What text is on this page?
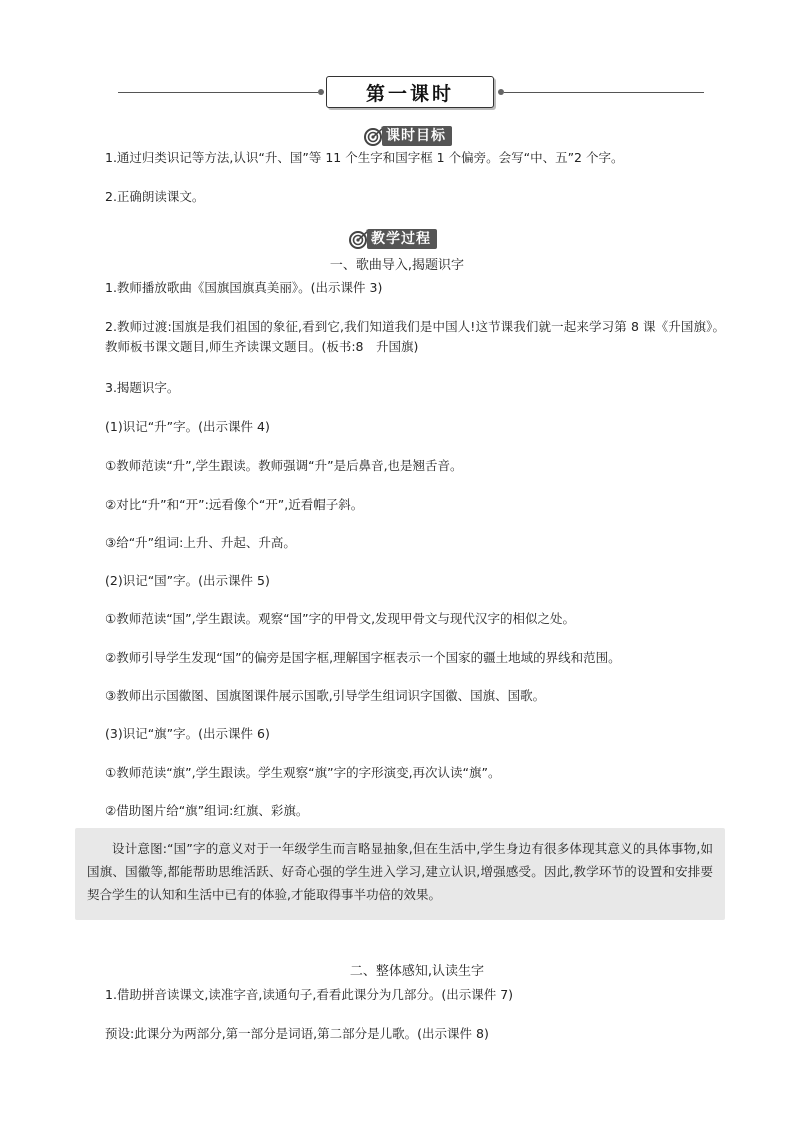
第一课时
课时目标
1.通过归类识记等方法,认识“升、国”等 11 个生字和国字框 1 个偏旁。会写“中、五”2 个字。
2.正确朗读课文。
教学过程
一、歌曲导入,揭题识字
1.教师播放歌曲《国旗国旗真美丽》。(出示课件 3)
2.教师过渡:国旗是我们祖国的象征,看到它,我们知道我们是中国人!这节课我们就一起来学习第 8 课《升国旗》。教师板书课文题目,师生齐读课文题目。(板书:8　升国旗)
3.揭题识字。
(1)识记“升”字。(出示课件 4)
①教师范读“升”,学生跟读。教师强调“升”是后鼻音,也是翘舌音。
②对比“升”和“开”:远看像个“开”,近看帽子斜。
③给“升”组词:上升、升起、升高。
(2)识记“国”字。(出示课件 5)
①教师范读“国”,学生跟读。观察“国”字的甲骨文,发现甲骨文与现代汉字的相似之处。
②教师引导学生发现“国”的偏旁是国字框,理解国字框表示一个国家的疆土地域的界线和范围。
③教师出示国徽图、国旗图课件展示国歌,引导学生组词识字国徽、国旗、国歌。
(3)识记“旗”字。(出示课件 6)
①教师范读“旗”,学生跟读。学生观察“旗”字的字形演变,再次认读“旗”。
②借助图片给“旗”组词:红旗、彩旗。

设计意图:“国”字的意义对于一年级学生而言略显抽象,但在生活中,学生身边有很多体现其意义的具体事物,如国旗、国徽等,都能帮助思维活跃、好奇心强的学生进入学习,建立认识,增强感受。因此,教学环节的设置和安排要契合学生的认知和生活中已有的体验,才能取得事半功倍的效果。

二、整体感知,认读生字
1.借助拼音读课文,读准字音,读通句子,看看此课分为几部分。(出示课件 7)
预设:此课分为两部分,第一部分是词语,第二部分是儿歌。(出示课件 8)
